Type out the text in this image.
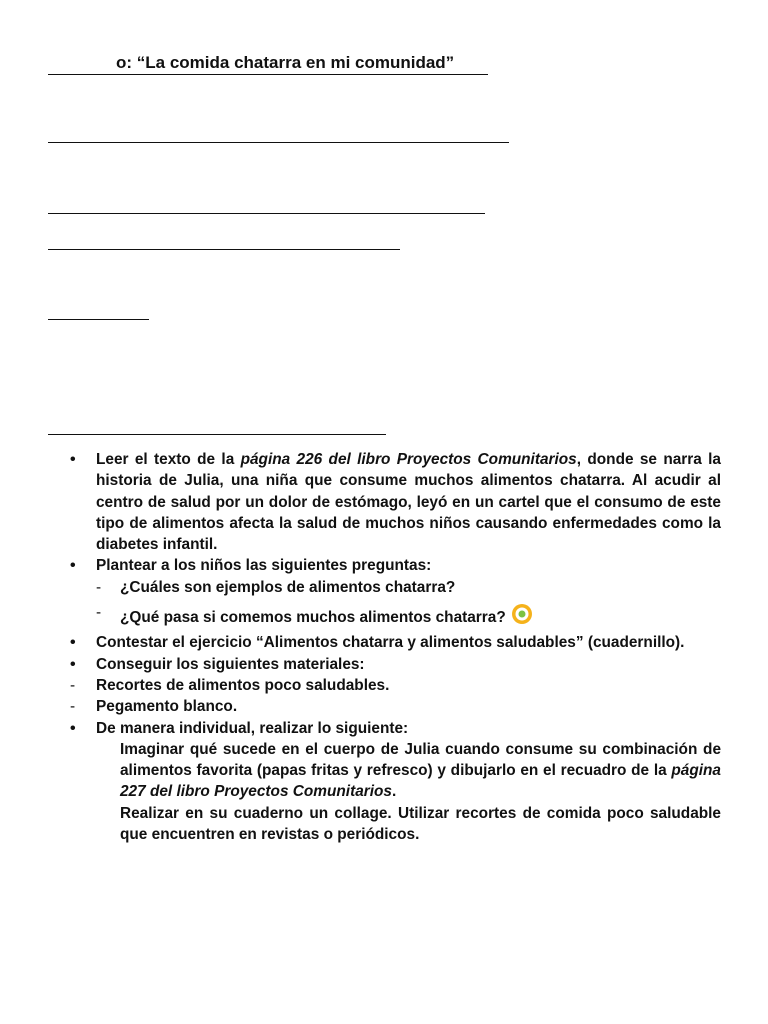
o: “La comida chatarra en mi comunidad”
• Leer el texto de la página 226 del libro Proyectos Comunitarios, donde se narra la historia de Julia, una niña que consume muchos alimentos chatarra. Al acudir al centro de salud por un dolor de estómago, leyó en un cartel que el consumo de este tipo de alimentos afecta la salud de muchos niños causando enfermedades como la diabetes infantil.
• Plantear a los niños las siguientes preguntas:
- ¿Cuáles son ejemplos de alimentos chatarra?
- ¿Qué pasa si comemos muchos alimentos chatarra?
• Contestar el ejercicio “Alimentos chatarra y alimentos saludables” (cuadernillo).
• Conseguir los siguientes materiales:
- Recortes de alimentos poco saludables.
- Pegamento blanco.
• De manera individual, realizar lo siguiente:
Imaginar qué sucede en el cuerpo de Julia cuando consume su combinación de alimentos favorita (papas fritas y refresco) y dibujarlo en el recuadro de la página 227 del libro Proyectos Comunitarios.
Realizar en su cuaderno un collage. Utilizar recortes de comida poco saludable que encuentren en revistas o periódicos.
